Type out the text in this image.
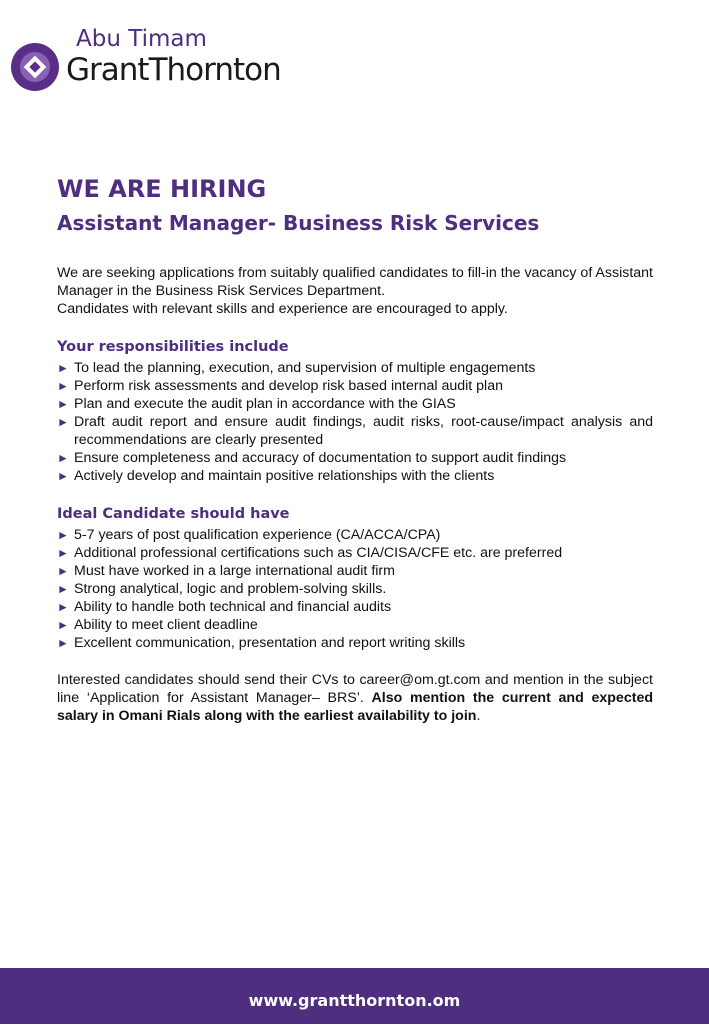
Abu Timam
GrantThornton
WE ARE HIRING
Assistant Manager- Business Risk Services

We are seeking applications from suitably qualified candidates to fill-in the vacancy of Assistant Manager in the Business Risk Services Department.

Candidates with relevant skills and experience are encouraged to apply.

Your responsibilities include
► To lead the planning, execution, and supervision of multiple engagements
► Perform risk assessments and develop risk based internal audit plan
► Plan and execute the audit plan in accordance with the GIAS
► Draft audit report and ensure audit findings, audit risks, root-cause/impact analysis and recommendations are clearly presented
► Ensure completeness and accuracy of documentation to support audit findings
► Actively develop and maintain positive relationships with the clients
Ideal Candidate should have
► 5-7 years of post qualification experience (CA/ACCA/CPA)
► Additional professional certifications such as CIA/CISA/CFE etc. are preferred
► Must have worked in a large international audit firm
► Strong analytical, logic and problem-solving skills.
► Ability to handle both technical and financial audits
► Ability to meet client deadline
► Excellent communication, presentation and report writing skills

Interested candidates should send their CVs to career@om.gt.com and mention in the subject line ‘Application for Assistant Manager– BRS’. Also mention the current and expected salary in Omani Rials along with the earliest availability to join.

www.grantthornton.om
